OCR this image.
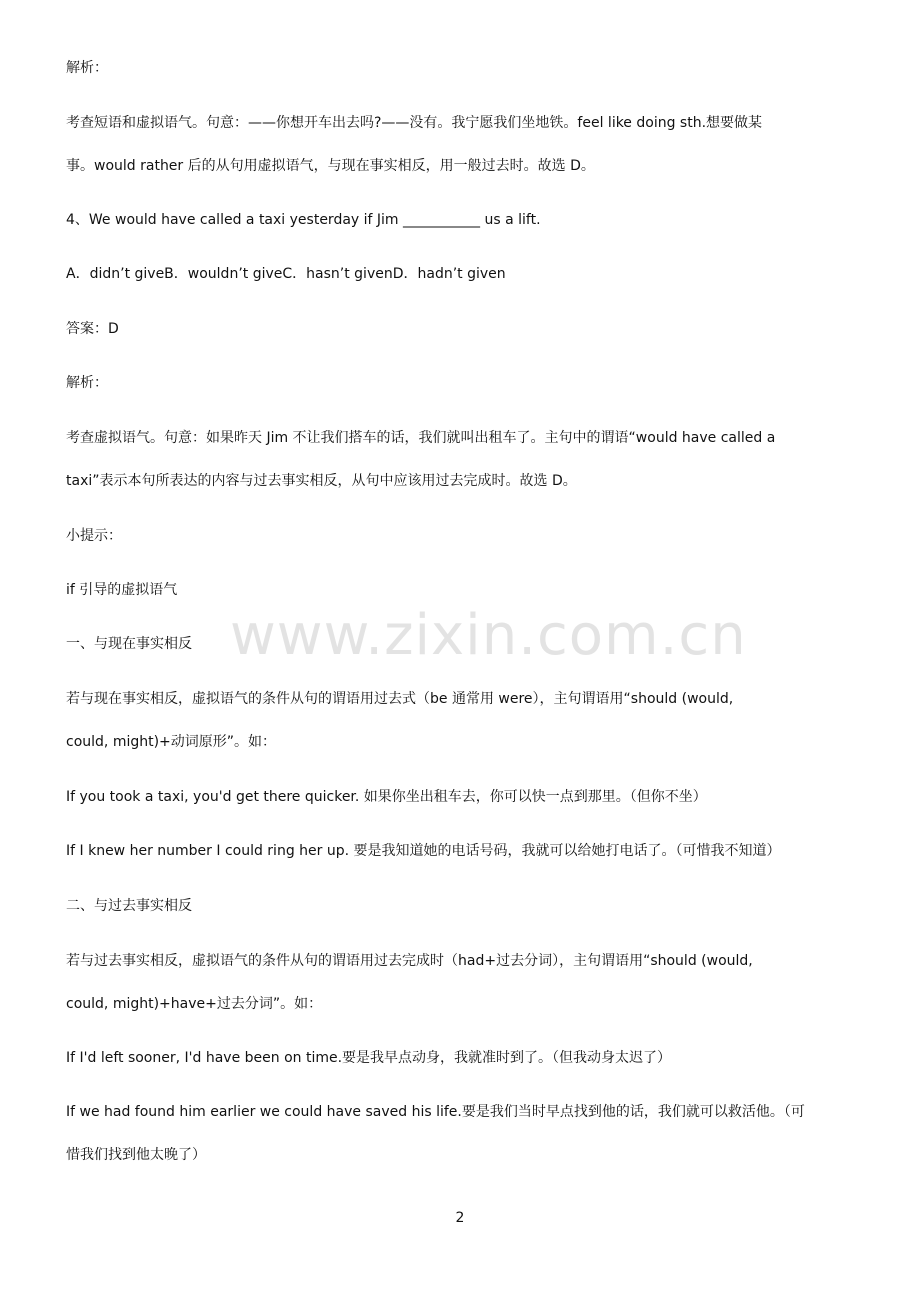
解析：
考查短语和虚拟语气。句意：——你想开车出去吗?——没有。我宁愿我们坐地铁。feel like doing sth.想要做某
事。would rather 后的从句用虚拟语气，与现在事实相反，用一般过去时。故选 D。
4、We would have called a taxi yesterday if Jim ___________ us a lift.
A．didn’t giveB．wouldn’t giveC．hasn’t givenD．hadn’t given
答案：D
解析：
考查虚拟语气。句意：如果昨天 Jim 不让我们搭车的话，我们就叫出租车了。主句中的谓语“would have called a
taxi”表示本句所表达的内容与过去事实相反，从句中应该用过去完成时。故选 D。
小提示：
if 引导的虚拟语气
一、与现在事实相反
若与现在事实相反，虚拟语气的条件从句的谓语用过去式（be 通常用 were），主句谓语用“should (would,
could, might)+动词原形”。如：
If you took a taxi, you'd get there quicker. 如果你坐出租车去，你可以快一点到那里。（但你不坐）
If I knew her number I could ring her up. 要是我知道她的电话号码，我就可以给她打电话了。（可惜我不知道）
二、与过去事实相反
若与过去事实相反，虚拟语气的条件从句的谓语用过去完成时（had+过去分词），主句谓语用“should (would,
could, might)+have+过去分词”。如：
If I'd left sooner, I'd have been on time.要是我早点动身，我就准时到了。（但我动身太迟了）
If we had found him earlier we could have saved his life.要是我们当时早点找到他的话，我们就可以救活他。（可
惜我们找到他太晚了）
www.zixin.com.cn
2
